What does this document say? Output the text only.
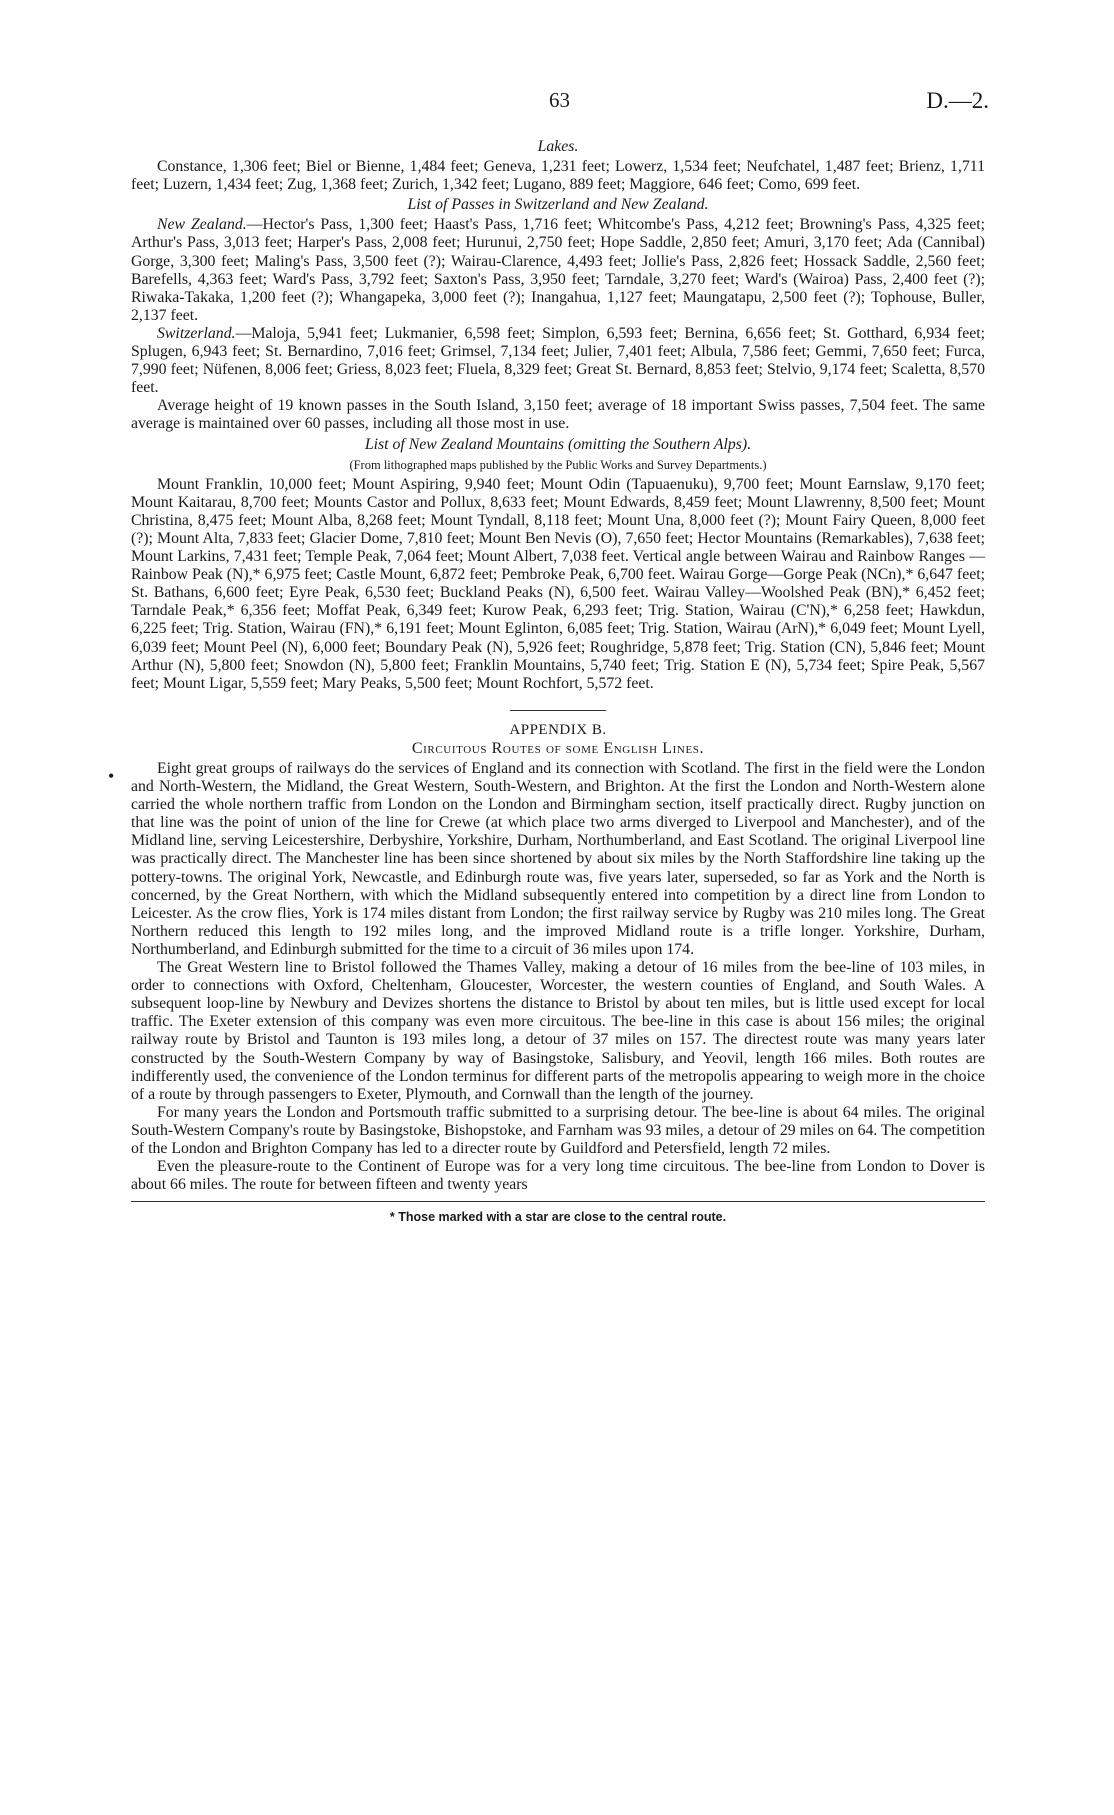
63	D.—2.
•
Lakes.

Constance, 1,306 feet; Biel or Bienne, 1,484 feet; Geneva, 1,231 feet; Lowerz, 1,534 feet; Neufchatel, 1,487 feet; Brienz, 1,711 feet; Luzern, 1,434 feet; Zug, 1,368 feet; Zurich, 1,342 feet; Lugano, 889 feet; Maggiore, 646 feet; Como, 699 feet.

List of Passes in Switzerland and New Zealand.

New Zealand.—Hector's Pass, 1,300 feet; Haast's Pass, 1,716 feet; Whitcombe's Pass, 4,212 feet; Browning's Pass, 4,325 feet; Arthur's Pass, 3,013 feet; Harper's Pass, 2,008 feet; Hurunui, 2,750 feet; Hope Saddle, 2,850 feet; Amuri, 3,170 feet; Ada (Cannibal) Gorge, 3,300 feet; Maling's Pass, 3,500 feet (?); Wairau-Clarence, 4,493 feet; Jollie's Pass, 2,826 feet; Hossack Saddle, 2,560 feet; Barefells, 4,363 feet; Ward's Pass, 3,792 feet; Saxton's Pass, 3,950 feet; Tarndale, 3,270 feet; Ward's (Wairoa) Pass, 2,400 feet (?); Riwaka-Takaka, 1,200 feet (?); Whangapeka, 3,000 feet (?); Inangahua, 1,127 feet; Maungatapu, 2,500 feet (?); Tophouse, Buller, 2,137 feet.

Switzerland.—Maloja, 5,941 feet; Lukmanier, 6,598 feet; Simplon, 6,593 feet; Bernina, 6,656 feet; St. Gotthard, 6,934 feet; Splugen, 6,943 feet; St. Bernardino, 7,016 feet; Grimsel, 7,134 feet; Julier, 7,401 feet; Albula, 7,586 feet; Gemmi, 7,650 feet; Furca, 7,990 feet; Nüfenen, 8,006 feet; Griess, 8,023 feet; Fluela, 8,329 feet; Great St. Bernard, 8,853 feet; Stelvio, 9,174 feet; Scaletta, 8,570 feet.

Average height of 19 known passes in the South Island, 3,150 feet; average of 18 important Swiss passes, 7,504 feet. The same average is maintained over 60 passes, including all those most in use.

List of New Zealand Mountains (omitting the Southern Alps).
(From lithographed maps published by the Public Works and Survey Departments.)

Mount Franklin, 10,000 feet; Mount Aspiring, 9,940 feet; Mount Odin (Tapuaenuku), 9,700 feet; Mount Earnslaw, 9,170 feet; Mount Kaitarau, 8,700 feet; Mounts Castor and Pollux, 8,633 feet; Mount Edwards, 8,459 feet; Mount Llawrenny, 8,500 feet; Mount Christina, 8,475 feet; Mount Alba, 8,268 feet; Mount Tyndall, 8,118 feet; Mount Una, 8,000 feet (?); Mount Fairy Queen, 8,000 feet (?); Mount Alta, 7,833 feet; Glacier Dome, 7,810 feet; Mount Ben Nevis (O), 7,650 feet; Hector Mountains (Remarkables), 7,638 feet; Mount Larkins, 7,431 feet; Temple Peak, 7,064 feet; Mount Albert, 7,038 feet. Vertical angle between Wairau and Rainbow Ranges —Rainbow Peak (N),* 6,975 feet; Castle Mount, 6,872 feet; Pembroke Peak, 6,700 feet. Wairau Gorge—Gorge Peak (NCn),* 6,647 feet; St. Bathans, 6,600 feet; Eyre Peak, 6,530 feet; Buckland Peaks (N), 6,500 feet. Wairau Valley—Woolshed Peak (BN),* 6,452 feet; Tarndale Peak,* 6,356 feet; Moffat Peak, 6,349 feet; Kurow Peak, 6,293 feet; Trig. Station, Wairau (C'N),* 6,258 feet; Hawkdun, 6,225 feet; Trig. Station, Wairau (FN),* 6,191 feet; Mount Eglinton, 6,085 feet; Trig. Station, Wairau (ArN),* 6,049 feet; Mount Lyell, 6,039 feet; Mount Peel (N), 6,000 feet; Boundary Peak (N), 5,926 feet; Roughridge, 5,878 feet; Trig. Station (CN), 5,846 feet; Mount Arthur (N), 5,800 feet; Snowdon (N), 5,800 feet; Franklin Mountains, 5,740 feet; Trig. Station E (N), 5,734 feet; Spire Peak, 5,567 feet; Mount Ligar, 5,559 feet; Mary Peaks, 5,500 feet; Mount Rochfort, 5,572 feet.

APPENDIX B.
Circuitous Routes of some English Lines.

Eight great groups of railways do the services of England and its connection with Scotland. The first in the field were the London and North-Western, the Midland, the Great Western, South-Western, and Brighton. At the first the London and North-Western alone carried the whole northern traffic from London on the London and Birmingham section, itself practically direct. Rugby junction on that line was the point of union of the line for Crewe (at which place two arms diverged to Liverpool and Manchester), and of the Midland line, serving Leicestershire, Derbyshire, Yorkshire, Durham, Northumberland, and East Scotland. The original Liverpool line was practically direct. The Manchester line has been since shortened by about six miles by the North Staffordshire line taking up the pottery-towns. The original York, Newcastle, and Edinburgh route was, five years later, superseded, so far as York and the North is concerned, by the Great Northern, with which the Midland subsequently entered into competition by a direct line from London to Leicester. As the crow flies, York is 174 miles distant from London; the first railway service by Rugby was 210 miles long. The Great Northern reduced this length to 192 miles long, and the improved Midland route is a trifle longer. Yorkshire, Durham, Northumberland, and Edinburgh submitted for the time to a circuit of 36 miles upon 174.

The Great Western line to Bristol followed the Thames Valley, making a detour of 16 miles from the bee-line of 103 miles, in order to connections with Oxford, Cheltenham, Gloucester, Worcester, the western counties of England, and South Wales. A subsequent loop-line by Newbury and Devizes shortens the distance to Bristol by about ten miles, but is little used except for local traffic. The Exeter extension of this company was even more circuitous. The bee-line in this case is about 156 miles; the original railway route by Bristol and Taunton is 193 miles long, a detour of 37 miles on 157. The directest route was many years later constructed by the South-Western Company by way of Basingstoke, Salisbury, and Yeovil, length 166 miles. Both routes are indifferently used, the convenience of the London terminus for different parts of the metropolis appearing to weigh more in the choice of a route by through passengers to Exeter, Plymouth, and Cornwall than the length of the journey.

For many years the London and Portsmouth traffic submitted to a surprising detour. The bee-line is about 64 miles. The original South-Western Company's route by Basingstoke, Bishopstoke, and Farnham was 93 miles, a detour of 29 miles on 64. The competition of the London and Brighton Company has led to a directer route by Guildford and Petersfield, length 72 miles.

Even the pleasure-route to the Continent of Europe was for a very long time circuitous. The bee-line from London to Dover is about 66 miles. The route for between fifteen and twenty years

* Those marked with a star are close to the central route.
